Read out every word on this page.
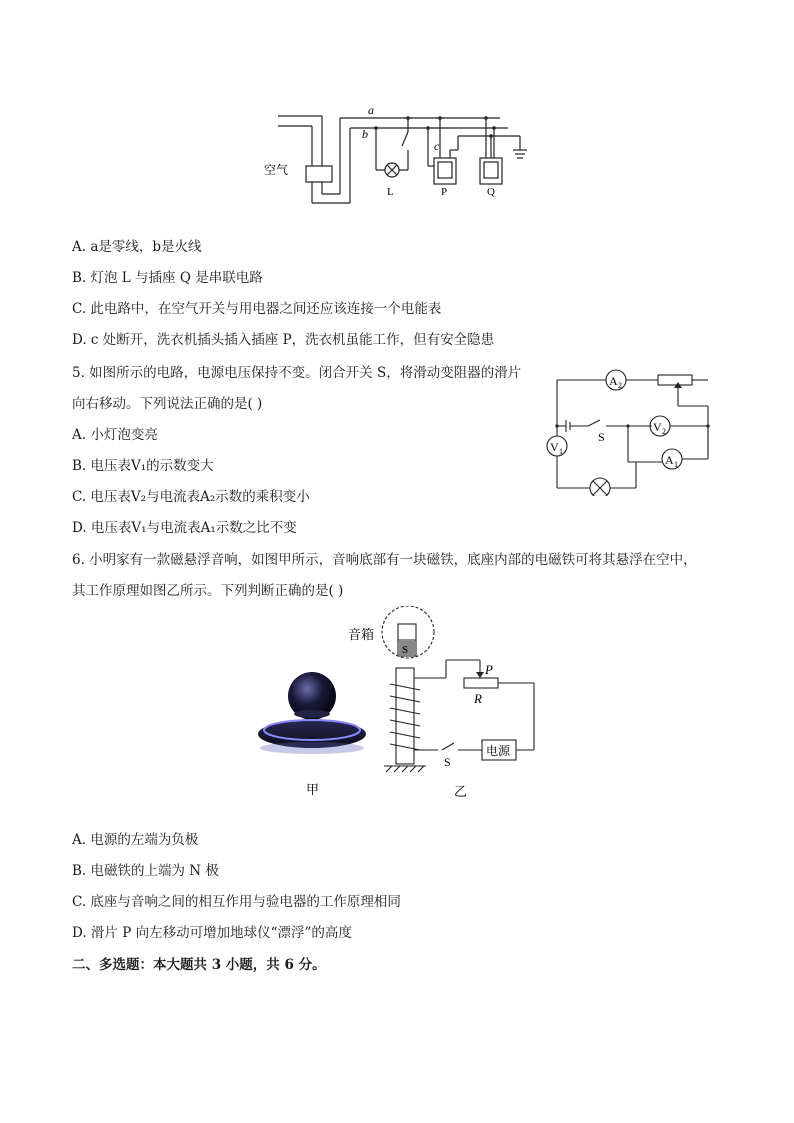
空气
a
b
c
L	P	Q
A. a是零线，b是火线
B. 灯泡 L 与插座 Q 是串联电路
C. 此电路中，在空气开关与用电器之间还应该连接一个电能表
D. c 处断开，洗衣机插头插入插座 P，洗衣机虽能工作，但有安全隐患
5. 如图所示的电路，电源电压保持不变。闭合开关 S，将滑动变阻器的滑片
向右移动。下列说法正确的是( )
A. 小灯泡变亮
B. 电压表V₁的示数变大
C. 电压表V₂与电流表A₂示数的乘积变小
D. 电压表V₁与电流表A₁示数之比不变
A 2
V 1
V 2
A 1
S
6. 小明家有一款磁悬浮音响，如图甲所示，音响底部有一块磁铁，底座内部的电磁铁可将其悬浮在空中，
其工作原理如图乙所示。下列判断正确的是( )
音箱
S
P
R
S
电源
甲	乙
A. 电源的左端为负极
B. 电磁铁的上端为 N 极
C. 底座与音响之间的相互作用与验电器的工作原理相同
D. 滑片 P 向左移动可增加地球仪“漂浮”的高度
二、多选题：本大题共 3 小题，共 6 分。
